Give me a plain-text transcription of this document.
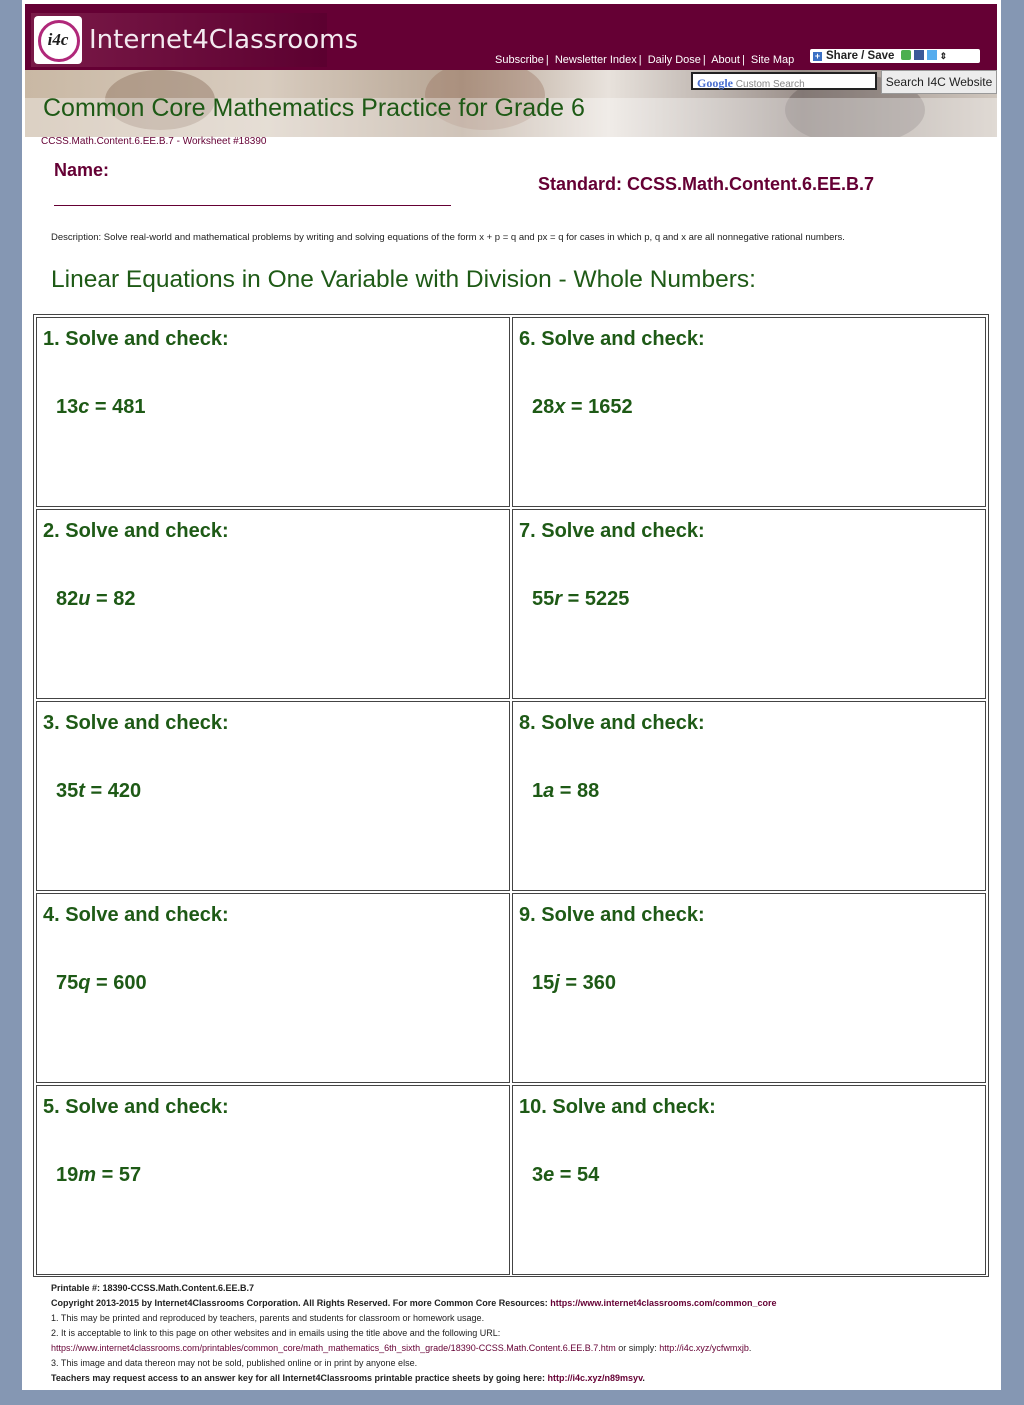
i4c Internet4Classrooms
Subscribe | Newsletter Index | Daily Dose | About | Site Map	+ Share / Save	⇕
Google Custom Search	Search I4C Website
Common Core Mathematics Practice for Grade 6
CCSS.Math.Content.6.EE.B.7 - Worksheet #18390
Name:
Standard: CCSS.Math.Content.6.EE.B.7
Description: Solve real-world and mathematical problems by writing and solving equations of the form x + p = q and px = q for cases in which p, q and x are all nonnegative rational numbers.
Linear Equations in One Variable with Division - Whole Numbers:
1. Solve and check:
13c = 481
6. Solve and check:
28x = 1652
2. Solve and check:
82u = 82
7. Solve and check:
55r = 5225
3. Solve and check:
35t = 420
8. Solve and check:
1a = 88
4. Solve and check:
75q = 600
9. Solve and check:
15j = 360
5. Solve and check:
19m = 57
10. Solve and check:
3e = 54
Printable #: 18390-CCSS.Math.Content.6.EE.B.7
Copyright 2013-2015 by Internet4Classrooms Corporation. All Rights Reserved. For more Common Core Resources: https://www.internet4classrooms.com/common_core
1. This may be printed and reproduced by teachers, parents and students for classroom or homework usage.
2. It is acceptable to link to this page on other websites and in emails using the title above and the following URL:
https://www.internet4classrooms.com/printables/common_core/math_mathematics_6th_sixth_grade/18390-CCSS.Math.Content.6.EE.B.7.htm or simply: http://i4c.xyz/ycfwmxjb.
3. This image and data thereon may not be sold, published online or in print by anyone else.
Teachers may request access to an answer key for all Internet4Classrooms printable practice sheets by going here: http://i4c.xyz/n89msyv.
